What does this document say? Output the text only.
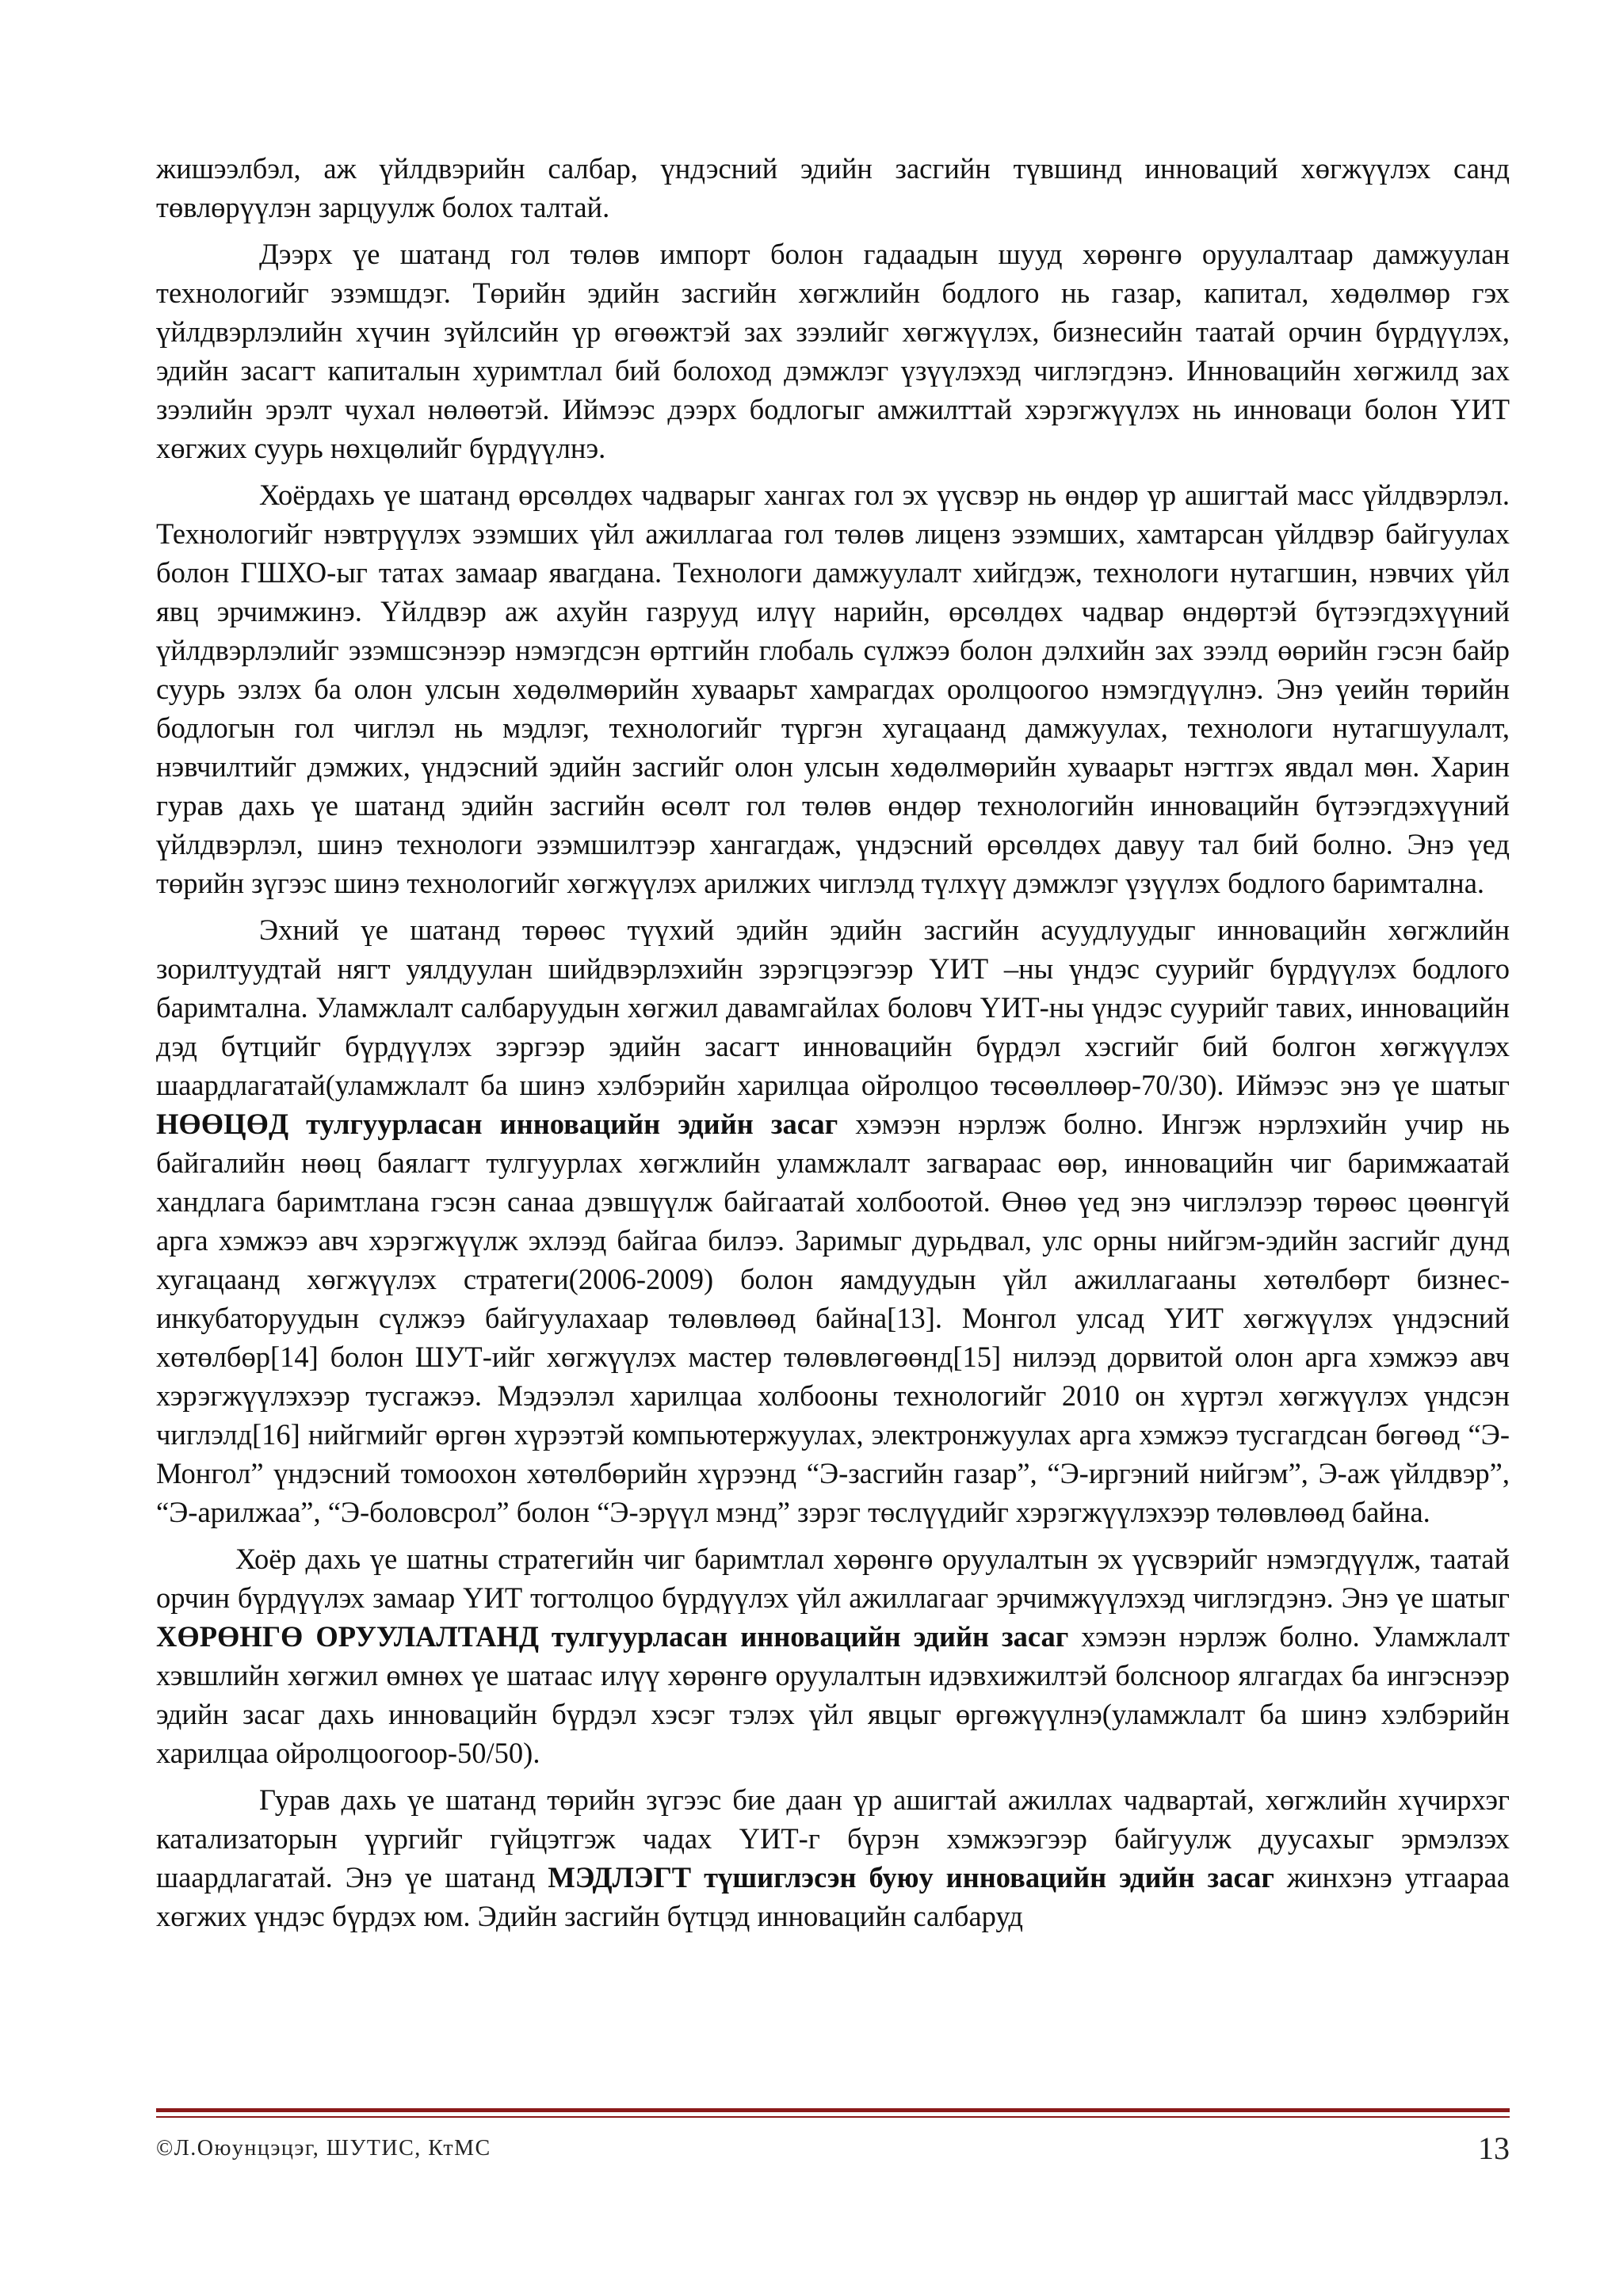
жишээлбэл, аж үйлдвэрийн салбар, үндэсний эдийн засгийн түвшинд инноваций хөгжүүлэх санд төвлөрүүлэн зарцуулж болох талтай.

Дээрх үе шатанд гол төлөв импорт болон гадаадын шууд хөрөнгө оруулалтаар дамжуулан технологийг эзэмшдэг. Төрийн эдийн засгийн хөгжлийн бодлого нь газар, капитал, хөдөлмөр гэх үйлдвэрлэлийн хүчин зүйлсийн үр өгөөжтэй зах зээлийг хөгжүүлэх, бизнесийн таатай орчин бүрдүүлэх, эдийн засагт капиталын хуримтлал бий болоход дэмжлэг үзүүлэхэд чиглэгдэнэ. Инновацийн хөгжилд зах зээлийн эрэлт чухал нөлөөтэй. Иймээс дээрх бодлогыг амжилттай хэрэгжүүлэх нь инноваци болон ҮИТ хөгжих суурь нөхцөлийг бүрдүүлнэ.

Хоёрдахь үе шатанд өрсөлдөх чадварыг хангах гол эх үүсвэр нь өндөр үр ашигтай масс үйлдвэрлэл. Технологийг нэвтрүүлэх эзэмших үйл ажиллагаа гол төлөв лиценз эзэмших, хамтарсан үйлдвэр байгуулах болон ГШХО-ыг татах замаар явагдана. Технологи дамжуулалт хийгдэж, технологи нутагшин, нэвчих үйл явц эрчимжинэ. Үйлдвэр аж ахуйн газрууд илүү нарийн, өрсөлдөх чадвар өндөртэй бүтээгдэхүүний үйлдвэрлэлийг эзэмшсэнээр нэмэгдсэн өртгийн глобаль сүлжээ болон дэлхийн зах зээлд өөрийн гэсэн байр суурь эзлэх ба олон улсын хөдөлмөрийн хуваарьт хамрагдах оролцоогоо нэмэгдүүлнэ. Энэ үеийн төрийн бодлогын гол чиглэл нь мэдлэг, технологийг түргэн хугацаанд дамжуулах, технологи нутагшуулалт, нэвчилтийг дэмжих, үндэсний эдийн засгийг олон улсын хөдөлмөрийн хуваарьт нэгтгэх явдал мөн. Харин гурав дахь үе шатанд эдийн засгийн өсөлт гол төлөв өндөр технологийн инновацийн бүтээгдэхүүний үйлдвэрлэл, шинэ технологи эзэмшилтээр хангагдаж, үндэсний өрсөлдөх давуу тал бий болно. Энэ үед төрийн зүгээс шинэ технологийг хөгжүүлэх арилжих чиглэлд түлхүү дэмжлэг үзүүлэх бодлого баримтална.

Эхний үе шатанд төрөөс түүхий эдийн эдийн засгийн асуудлуудыг инновацийн хөгжлийн зорилтуудтай нягт уялдуулан шийдвэрлэхийн зэрэгцээгээр ҮИТ –ны үндэс суурийг бүрдүүлэх бодлого баримтална. Уламжлалт салбаруудын хөгжил давамгайлах боловч ҮИТ-ны үндэс суурийг тавих, инновацийн дэд бүтцийг бүрдүүлэх зэргээр эдийн засагт инновацийн бүрдэл хэсгийг бий болгон хөгжүүлэх шаардлагатай(уламжлалт ба шинэ хэлбэрийн харилцаа ойролцоо төсөөллөөр-70/30). Иймээс энэ үе шатыг НӨӨЦӨД тулгуурласан инновацийн эдийн засаг хэмээн нэрлэж болно. Ингэж нэрлэхийн учир нь байгалийн нөөц баялагт тулгуурлах хөгжлийн уламжлалт загвараас өөр, инновацийн чиг баримжаатай хандлага баримтлана гэсэн санаа дэвшүүлж байгаатай холбоотой. Өнөө үед энэ чиглэлээр төрөөс цөөнгүй арга хэмжээ авч хэрэгжүүлж эхлээд байгаа билээ. Заримыг дурьдвал, улс орны нийгэм-эдийн засгийг дунд хугацаанд хөгжүүлэх стратеги(2006-2009) болон яамдуудын үйл ажиллагааны хөтөлбөрт бизнес-инкубаторуудын сүлжээ байгуулахаар төлөвлөөд байна[13]. Монгол улсад ҮИТ хөгжүүлэх үндэсний хөтөлбөр[14] болон ШУТ-ийг хөгжүүлэх мастер төлөвлөгөөнд[15] нилээд дорвитой олон арга хэмжээ авч хэрэгжүүлэхээр тусгажээ. Мэдээлэл харилцаа холбооны технологийг 2010 он хүртэл хөгжүүлэх үндсэн чиглэлд[16] нийгмийг өргөн хүрээтэй компьютержуулах, электронжуулах арга хэмжээ тусгагдсан бөгөөд “Э-Монгол” үндэсний томоохон хөтөлбөрийн хүрээнд “Э-засгийн газар”, “Э-иргэний нийгэм”, Э-аж үйлдвэр”, “Э-арилжаа”, “Э-боловсрол” болон “Э-эрүүл мэнд” зэрэг төслүүдийг хэрэгжүүлэхээр төлөвлөөд байна.

Хоёр дахь үе шатны стратегийн чиг баримтлал хөрөнгө оруулалтын эх үүсвэрийг нэмэгдүүлж, таатай орчин бүрдүүлэх замаар ҮИТ тогтолцоо бүрдүүлэх үйл ажиллагааг эрчимжүүлэхэд чиглэгдэнэ. Энэ үе шатыг ХӨРӨНГӨ ОРУУЛАЛТАНД тулгуурласан инновацийн эдийн засаг хэмээн нэрлэж болно. Уламжлалт хэвшлийн хөгжил өмнөх үе шатаас илүү хөрөнгө оруулалтын идэвхижилтэй болсноор ялгагдах ба ингэснээр эдийн засаг дахь инновацийн бүрдэл хэсэг тэлэх үйл явцыг өргөжүүлнэ(уламжлалт ба шинэ хэлбэрийн харилцаа ойролцоогоор-50/50).

Гурав дахь үе шатанд төрийн зүгээс бие даан үр ашигтай ажиллах чадвартай, хөгжлийн хүчирхэг катализаторын үүргийг гүйцэтгэж чадах ҮИТ-г бүрэн хэмжээгээр байгуулж дуусахыг эрмэлзэх шаардлагатай. Энэ үе шатанд МЭДЛЭГТ түшиглэсэн буюу инновацийн эдийн засаг жинхэнэ утгаараа хөгжих үндэс бүрдэх юм. Эдийн засгийн бүтцэд инновацийн салбаруд

©Л.Оюунцэцэг, ШУТИС, КтМС	13
